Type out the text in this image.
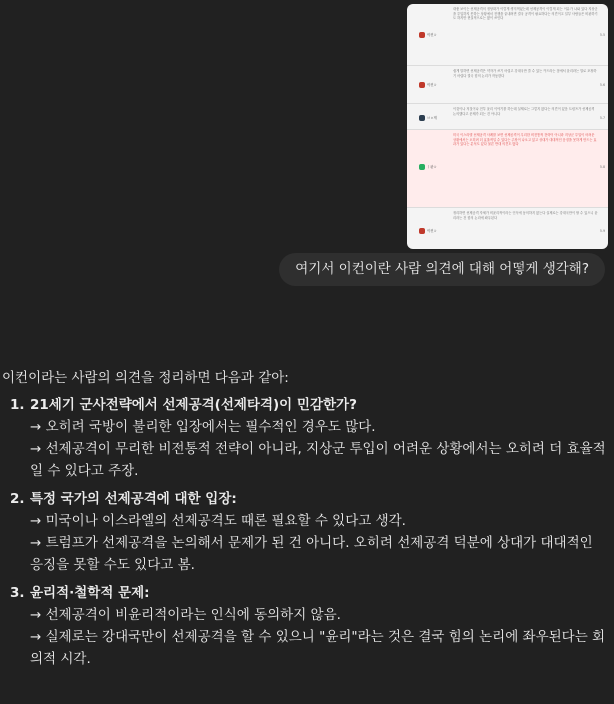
이컨ㅎ
대충 보이는 선제공격의 정당화가 이렇게 생겨먹었는데 선제공격이 이렇게 되는 이유가 나와 있다 지상군을 투입하지 못하는 상황에서 전쟁을 끝내려면 결국 공격이 필요하다는 의견이고 일부 사람들은 비판하기도 하지만 현실적으로는 많이 쓰인다
5.5
이컨ㅎ
쉽게 말하면 선제공격은 약자가 쓰기 어렵고 강대국만 쓸 수 있는 카드라는 점에서 윤리라는 말로 포장하기 어렵다 결국 힘의 논리가 작동한다
5.6
ㅂㅇ게
이것이나 저것이나 전부 윤리 이야기를 하는데 실제로는 그렇지 않다는 의견이 있음 트럼프가 선제공격 논의했다고 문제가 되는 건 아니다
5.7
ㅣ판ㅎ
미국 이스라엘 선제공격 사례를 보면 선제공격이 무리한 비전통적 전략이 아니라 지상군 투입이 어려운 상황에서는 오히려 더 효율적일 수 있다는 주장이 나오고 있고 상대가 대대적인 응징을 못하게 만드는 효과가 있다는 분석도 있다 물론 반대 의견도 많다
5.8
이컨ㅎ
정리하면 선제공격 자체가 비윤리적이라는 인식에 동의하지 않는다 실제로는 강대국만이 할 수 있으니 윤리라는 건 힘의 논리에 좌우된다
5.9
여기서 이컨이란 사람 의견에 대해 어떻게 생각해?
이컨이라는 사람의 의견을 정리하면 다음과 같아:
1. 21세기 군사전략에서 선제공격(선제타격)이 민감한가?
→ 오히려 국방이 불리한 입장에서는 필수적인 경우도 많다.
→ 선제공격이 무리한 비전통적 전략이 아니라, 지상군 투입이 어려운 상황에서는 오히려 더 효율적일 수 있다고 주장.
2. 특정 국가의 선제공격에 대한 입장:
→ 미국이나 이스라엘의 선제공격도 때론 필요할 수 있다고 생각.
→ 트럼프가 선제공격을 논의해서 문제가 된 건 아니다. 오히려 선제공격 덕분에 상대가 대대적인 응징을 못할 수도 있다고 봄.
3. 윤리적·철학적 문제:
→ 선제공격이 비윤리적이라는 인식에 동의하지 않음.
→ 실제로는 강대국만이 선제공격을 할 수 있으니 "윤리"라는 것은 결국 힘의 논리에 좌우된다는 회의적 시각.
